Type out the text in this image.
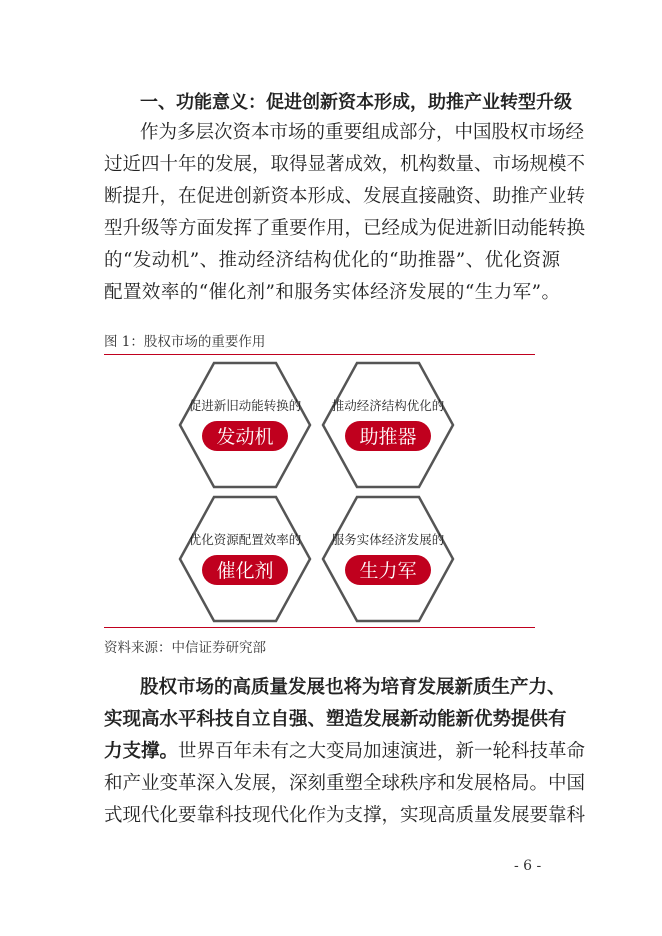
一、功能意义：促进创新资本形成，助推产业转型升级
作为多层次资本市场的重要组成部分，中国股权市场经
过近四十年的发展，取得显著成效，机构数量、市场规模不
断提升，在促进创新资本形成、发展直接融资、助推产业转
型升级等方面发挥了重要作用，已经成为促进新旧动能转换
的“发动机”、推动经济结构优化的“助推器”、优化资源
配置效率的“催化剂”和服务实体经济发展的“生力军”。
图 1：股权市场的重要作用
促进新旧动能转换的
发动机
推动经济结构优化的
助推器
优化资源配置效率的
催化剂
服务实体经济发展的
生力军
资料来源：中信证券研究部
股权市场的高质量发展也将为培育发展新质生产力、
实现高水平科技自立自强、塑造发展新动能新优势提供有
力支撑。世界百年未有之大变局加速演进，新一轮科技革命
和产业变革深入发展，深刻重塑全球秩序和发展格局。中国
式现代化要靠科技现代化作为支撑，实现高质量发展要靠科
- 6 -
